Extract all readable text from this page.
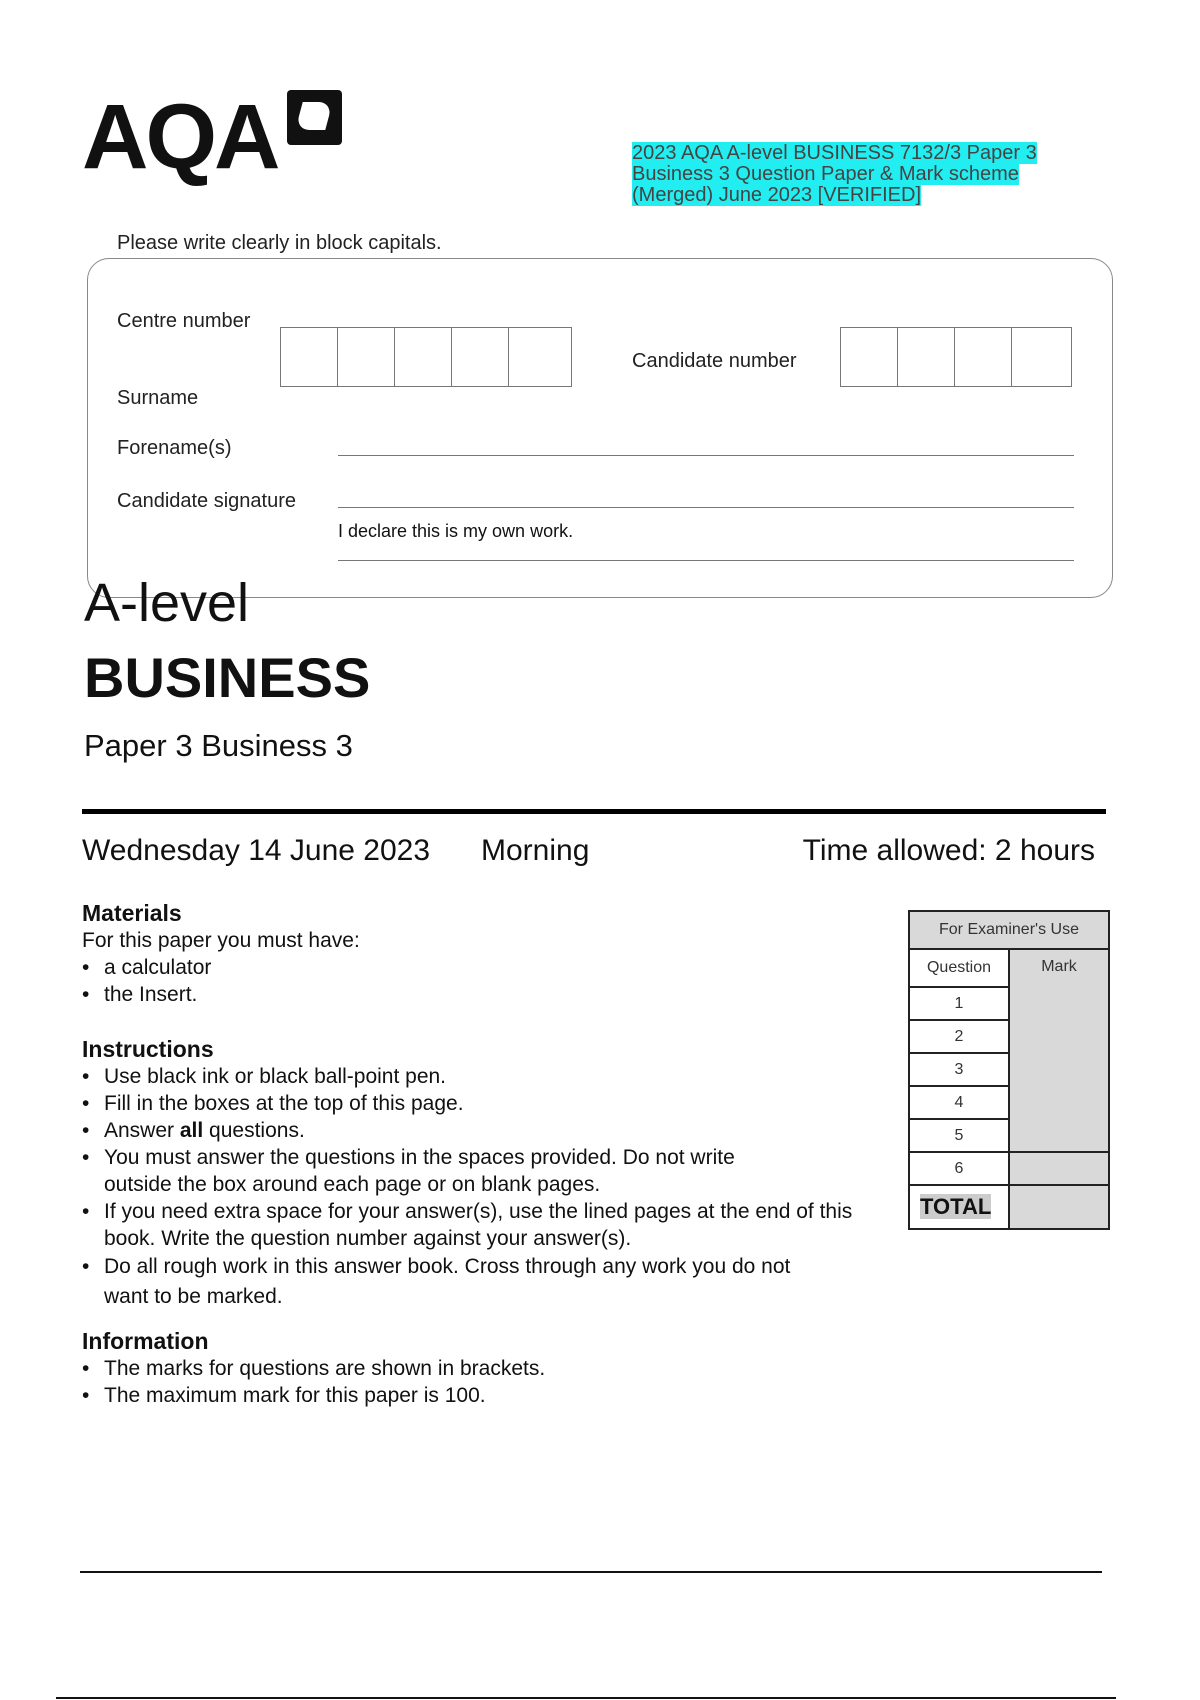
AQA	2023 AQA A-level BUSINESS 7132/3 Paper 3 Business 3 Question Paper & Mark scheme (Merged) June 2023 [VERIFIED]
Please write clearly in block capitals.
Centre number
Candidate number
Surname
Forename(s)
Candidate signature
I declare this is my own work.
A-level
BUSINESS
Paper 3 Business 3
Wednesday 14 June 2023 Morning	Time allowed: 2 hours
Materials
For this paper you must have:
• a calculator
• the Insert.
Instructions
• Use black ink or black ball-point pen.
• Fill in the boxes at the top of this page.
• Answer all questions.
• You must answer the questions in the spaces provided. Do not write outside the box around each page or on blank pages.
• If you need extra space for your answer(s), use the lined pages at the end of this book. Write the question number against your answer(s).
• Do all rough work in this answer book. Cross through any work you do not want to be marked.
Information
• The marks for questions are shown in brackets.
• The maximum mark for this paper is 100.
For Examiner's Use	
Question	Mark
1	
2	
3	
4	
5	
6	
TOTAL	
